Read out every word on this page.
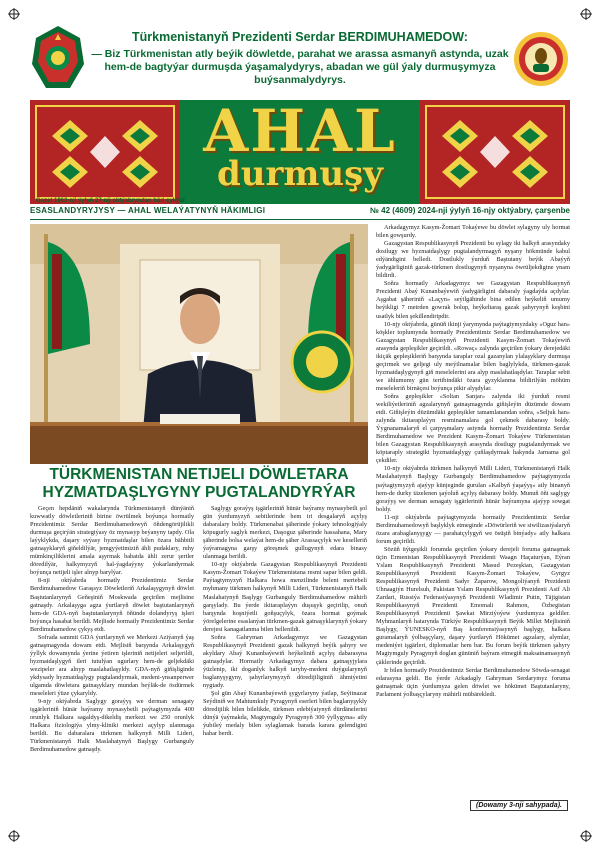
Türkmenistanyň Prezidenti Serdar BERDIMUHAMEDOW:
— Biz Türkmenistan atly beýik döwletde, parahat we arassa asmanyň astynda, uzak hem-de bagtyýar durmuşda ýaşamalydyrys, abadan we gül ýaly durmuşymyza buýsanmalydyrys.
AHAL
durmuşy
Gazet 1962-nji ýylyň 27-nji oktýabryndan bäri çykýar.
ESASLANDYRYJYSY — AHAL WELAÝATYNYŇ HÄKIMLIGI	№ 42 (4609) 2024-nji ýylyň 16-njy oktýabry, çarşenbe
TÜRKMENISTAN NETIJELI DÖWLETARA
HYZMATDAŞLYGYNY PUGTALANDYRÝAR

Geçen hepdäniň wakalarynda Türkmenistanyň dünýäniň kuwwatly döwletleriniň birine öwrülmek boýunça hormatly Prezidentimiz Serdar Berdimuhamedowyň öňdengörüjilikli durmuşa geçirýän strategiýasy öz mynasyp beýanyny tapdy. Ola laýyklykda, daşary syýasy hyzmatdaşlar bilen özara bähbitli gatnaşyklaryň giňeldilýär, jemgyýetimiziň ähli pudaklary, ruhy mümkinçiliklerini amala aşyrmak babatda ähli zerur şertler döredilýär, halkymyzyň hal-ýagdaýyny ýokarlandyrmak boýunça netijeli işler alnyp barylýar.

8-nji oktýabrda hormatly Prezidentimiz Serdar Berdimuhamedow Garaşsyz Döwletleriň Arkalaşygynyň döwlet Baştutanlarynyň Geňeşiniň Moskwada geçirilen mejlisine gatnaşdy. Arkalaşyga agza ýurtlaryň döwlet baştutanlarynyň hem-de GDA-nyň baştutanlarynyň öňünde dolandyryş işleri boýunça hasabat berildi. Mejlisde hormatly Prezidentimiz Serdar Berdimuhamedow çykyş etdi.

Sofrada sammit GDA ýurtlarynyň we Merkezi Aziýanyň ýaş gatnaşmagynda dowam etdi. Mejlisiň barşynda Arkalaşygyň ýyllyk dowamynda ýerine ýetiren işleriniň netijeleri seljerildi, hyzmatdaşlygyň ileri tutulýan ugurlary hem-de geljekdäki wezipeler ara alnyp maslahatlaşyldy. GDA-nyň giňişliginde ykdysady hyzmatdaşlygy pugtalandyrmak, medeni-ynsanperwer ulgamda döwletara gatnaşyklary mundan beýläk-de ösdürmek meseleleri ýüze çykaryldy.

9-njy oktýabrda Saglygy goraýyş we derman senagaty işgärleriniň hünär baýramy mynasybetli paýtagtymyzda 400 orunlyk Halkara sagaldyş-dikeldiş merkezi we 250 orunlyk Halkara fiziologiýa ylmy-kliniki merkezi açylyp ulanmaga berildi. Bu dabaralara türkmen halkynyň Milli Lideri, Türkmenistanyň Halk Maslahatynyň Başlygy Gurbanguly Berdimuhamedow gatnaşdy.

Saglygy goraýyş işgärleriniň hünär baýramy mynasybetli şol gün ýurdumyzyň sebitlerinde hem iri desgalaryň açylyş dabaralary boldy. Türkmenabat şäherinde ýokary tehnologiýaly köpugurly saglyk merkezi, Daşoguz şäherinde hassahana, Mary şäherinde bolsa welaýat hem-de şäher Arassaçylyk we keselleriň ýaýramagyna garşy göreşmek gullugynyň edara binasy ulanmaga berildi.

10-njy oktýabrda Gazagystan Respublikasynyň Prezidenti Kasym-Žomart Tokaýew Türkmenistana resmi sapar bilen geldi. Paýtagtymyzyň Halkara howa menzilinde belent mertebeli myhmany türkmen halkynyň Milli Lideri, Türkmenistanyň Halk Maslahatynyň Başlygy Gurbanguly Berdimuhamedow mähirli garşylady. Bu ýerde ikitaraplaýyn duşuşyk geçirilip, onuň barşynda hoşniýetli goňşuçylyk, özara hormat goýmak ýörelgelerine esaslanýan türkmen-gazak gatnaşyklarynyň ýokary derejesi kanagatlanma bilen bellenildi.

Soňra Gahryman Arkadagymyz we Gazagystan Respublikasynyň Prezidenti gazak halkynyň beýik şahyry we akyldary Abaý Kunanbaýewiň heýkeliniň açylyş dabarasyna gatnaşdylar. Hormatly Arkadagymyz dabara gatnaşyjylara ýüzlenip, iki doganlyk halkyň taryhy-medeni duýgularynyň baglanyşygyny, şahyrlarymyzyň döredijiliginiň ähmiýetini nygtady.

Şol gün Abaý Kunanbaýewiň şygyrlaryny ýatlap, Seýitnazar Seýdiniň we Mahtumkuly Pyragynyň eserleri bilen baglanyşykly döredijilik bilen bilelikde, türkmen edebiýatynyň dürdänelerini dünýä ýaýmakda, Magtymguly Pyragynyň 300 ýyllygyna» atly ýubileý medaly bilen sylaglamak barada karara gelendigini habar berdi.

Arkadagymyz Kasym-Žomart Tokaýewe bu döwlet sylagyny uly hormat bilen gowşurdy.

Gazagystan Respublikasynyň Prezidenti bu sylagy iki halkyň arasyndaky dostlugy we hyzmatdaşlygy pugtalandyrmagyň nyşany hökmünde kabul edýändigini belledi. Dostlukly ýurduň Baştutany beýik Abaýyň ýadygärliginiň gazak-türkmen dostlugynyň nyşanyna öwrüljekdigine ynam bildirdi.

Soňra hormatly Arkadagymyz we Gazagystan Respublikasynyň Prezidenti Abaý Kunanbaýewiň ýadygärligini dabaraly ýagdaýda açdylar. Aşgabat şäheriniň «Laçyn» seýilgähinde bina edilen heýkeliň umumy beýikligi 7 metrden gowrak bolup, heýkeltaraş gazak şahyrynyň keşbini usatlyk bilen şekillendiripdir.

10-njy oktýabrda, günüň ikinji ýarymynda paýtagtymyzdaky «Oguz han» köşkler toplumynda hormatly Prezidentimiz Serdar Berdimuhamedow we Gazagystan Respublikasynyň Prezidenti Kasym-Žomart Tokaýewiň arasynda gepleşikler geçirildi. «Rowaç» zalynda geçirilen ýokary derejedäki ikiçäk gepleşikleriň barşynda taraplar ozal gazanylan ylalaşyklary durmuşa geçirmek we geljegi uly meýilnamalar bilen baglylykda, türkmen-gazak hyzmatdaşlygynyň giň meselelerini ara alyp maslahatlaşdylar. Taraplar sebit we ählumumy gün tertibindäki özara gyzyklanma bildirilýän möhüm meseleleriň birnäçesi boýunça pikir alyşdylar.

Soňra gepleşikler «Soltan Sanjar» zalynda iki ýurduň resmi wekiliýetleriniň agzalarynyň gatnaşmagynda giňişleýin düzümde dowam etdi. Giňişleýin düzümdäki gepleşikler tamamlanandan soňra, «Seljuk han» zalynda ikitaraplaýyn resminamalara gol çekmek dabarasy boldy. Ýygnanamalaryň el çarpyşmalary astynda hormatly Prezidentimiz Serdar Berdimuhamedow we Prezident Kasym-Žomart Tokaýew Türkmenistan bilen Gazagystan Respublikasynyň arasynda dostlugy pugtalandyrmak we köptaraply strategiki hyzmatdaşlygy çuňlaşdyrmak hakynda Jarnama gol çekdiler.

10-njy oktýabrda türkmen halkynyň Milli Lideri, Türkmenistanyň Halk Maslahatynyň Başlygy Gurbanguly Berdimuhamedow paýtagtymyzda paýtagtymyzyň ajaýyp künjeginde gurulan «Kalbyň ýaşaýyş» atly binanyň hem-de durky täzelenen şaýoluň açylyş dabarasy boldy. Munuň öňi saglygy goraýyş we derman senagaty işgärleriniň hünär baýramyna ajaýyp sowgat boldy.

11-nji oktýabrda paýtagtymyzda hormatly Prezidentimiz Serdar Berdimuhamedowyň başlyklyk etmeginde «Döwürleriň we siwilizasiýalaryň özara arabaglanyşygy — parahatçylygyň we ösüşiň binýady» atly halkara forum geçirildi.

Sözüň üýtgeşikli forumda geçirilen ýokary derejeli foruma gatnaşmak üçin Ermenistan Respublikasynyň Prezidenti Waagn Haçaturýan, Eýran Yslam Respublikasynyň Prezidenti Masud Pezeşkian, Gazagystan Respublikasynyň Prezidenti Kasym-Žomart Tokaýew, Gyrgyz Respublikasynyň Prezidenti Sadyr Žaparow, Mongoliýanyň Prezidenti Uhnaagiýn Hurelsuh, Pakistan Yslam Respublikasynyň Prezidenti Asif Ali Zardari, Russiýa Federasiýasynyň Prezidenti Wladimir Putin, Täjigistan Respublikasynyň Prezidenti Emomali Rahmon, Özbegistan Respublikasynyň Prezidenti Şawkat Mirziýoýew ýurdumyza geldiler. Myhmanlaryň hatarynda Türkiýe Respublikasynyň Beýik Millet Mejlisiniň Başlygy, ÝUNESKO-nyň Baş konferensiýasynyň başlygy, halkara guramalaryň ýolbaşçylary, daşary ýurtlaryň Hökümet agzalary, alymlar, medeniýet işgärleri, diplomatlar hem bar. Bu forum beýik türkmen şahyry Magtymguly Pyragynyň doglan gününiň baýram etmegiň maksatnamasynyň çäklerinde geçirildi.

Ir bilen hormatly Prezidentimiz Serdar Berdimuhamedow Söwda-senagat edarasyna geldi. Bu ýerde Arkadagly Gahryman Serdarymyz foruma gatnaşmak üçin ýurdumyza gelen döwlet we hökümet Baştutanlaryny, Parlament ýolbaşçylaryny mähirli mübärekledi.

(Dowamy 3-nji sahypada).
